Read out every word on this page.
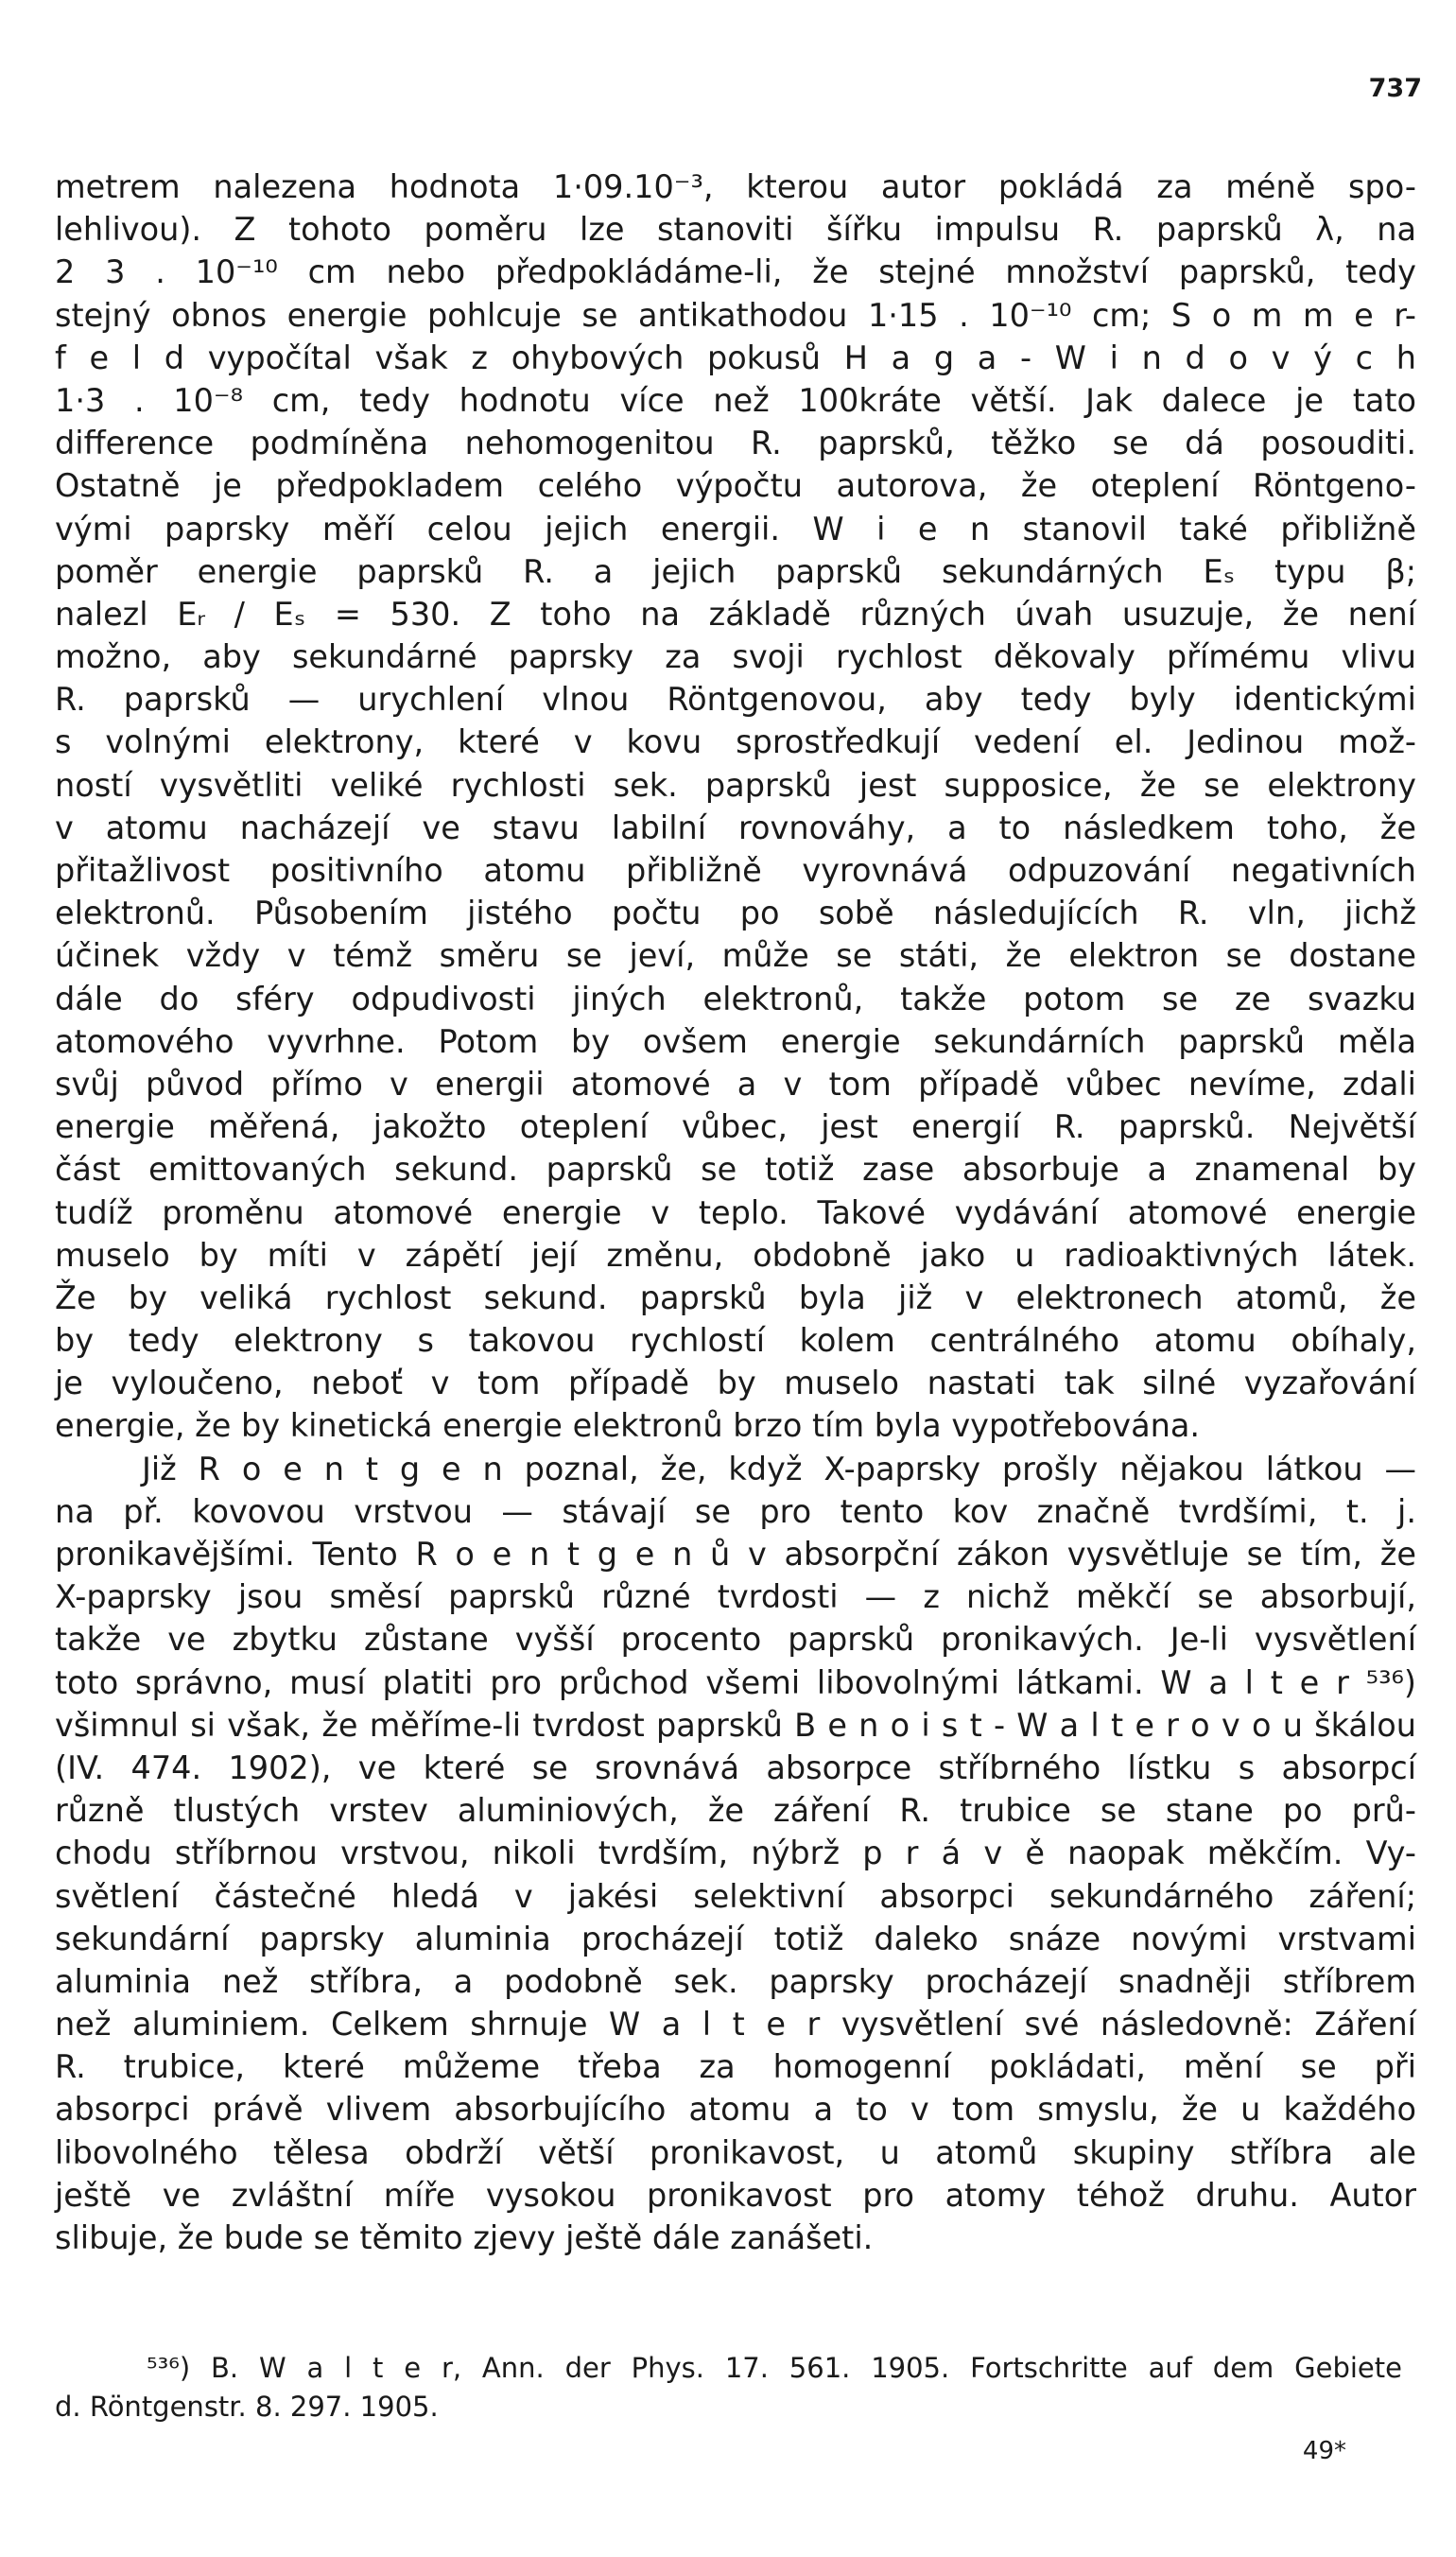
737
metrem nalezena hodnota 1·09.10⁻³, kterou autor pokládá za méně spo-
lehlivou). Z tohoto poměru lze stanoviti šířku impulsu R. paprsků λ, na
2 3 . 10⁻¹⁰ cm nebo předpokládáme-li, že stejné množství paprsků, tedy
stejný obnos energie pohlcuje se antikathodou 1·15 . 10⁻¹⁰ cm; S o m m e r-
f e l d vypočítal však z ohybových pokusů H a g a - W i n d o v ý c h
1·3 . 10⁻⁸ cm, tedy hodnotu více než 100kráte větší. Jak dalece je tato
difference podmíněna nehomogenitou R. paprsků, těžko se dá posouditi.
Ostatně je předpokladem celého výpočtu autorova, že oteplení Röntgeno-
vými paprsky měří celou jejich energii. W i e n stanovil také přibližně
poměr energie paprsků R. a jejich paprsků sekundárných Eₛ typu β;
nalezl Eᵣ / Eₛ = 530. Z toho na základě různých úvah usuzuje, že není
možno, aby sekundárné paprsky za svoji rychlost děkovaly přímému vlivu
R. paprsků — urychlení vlnou Röntgenovou, aby tedy byly identickými
s volnými elektrony, které v kovu sprostředkují vedení el. Jedinou mož-
ností vysvětliti veliké rychlosti sek. paprsků jest supposice, že se elektrony
v atomu nacházejí ve stavu labilní rovnováhy, a to následkem toho, že
přitažlivost positivního atomu přibližně vyrovnává odpuzování negativních
elektronů. Působením jistého počtu po sobě následujících R. vln, jichž
účinek vždy v témž směru se jeví, může se státi, že elektron se dostane
dále do sféry odpudivosti jiných elektronů, takže potom se ze svazku
atomového vyvrhne. Potom by ovšem energie sekundárních paprsků měla
svůj původ přímo v energii atomové a v tom případě vůbec nevíme, zdali
energie měřená, jakožto oteplení vůbec, jest energií R. paprsků. Největší
část emittovaných sekund. paprsků se totiž zase absorbuje a znamenal by
tudíž proměnu atomové energie v teplo. Takové vydávání atomové energie
muselo by míti v zápětí její změnu, obdobně jako u radioaktivných látek.
Že by veliká rychlost sekund. paprsků byla již v elektronech atomů, že
by tedy elektrony s takovou rychlostí kolem centrálného atomu obíhaly,
je vyloučeno, neboť v tom případě by muselo nastati tak silné vyzařování
energie, že by kinetická energie elektronů brzo tím byla vypotřebována.
Již R o e n t g e n poznal, že, když X-paprsky prošly nějakou látkou —
na př. kovovou vrstvou — stávají se pro tento kov značně tvrdšími, t. j.
pronikavějšími. Tento R o e n t g e n ů v absorpční zákon vysvětluje se tím, že
X-paprsky jsou směsí paprsků různé tvrdosti — z nichž měkčí se absorbují,
takže ve zbytku zůstane vyšší procento paprsků pronikavých. Je-li vysvětlení
toto správno, musí platiti pro průchod všemi libovolnými látkami. W a l t e r ⁵³⁶)
všimnul si však, že měříme-li tvrdost paprsků B e n o i s t - W a l t e r o v o u škálou
(IV. 474. 1902), ve které se srovnává absorpce stříbrného lístku s absorpcí
různě tlustých vrstev aluminiových, že záření R. trubice se stane po prů-
chodu stříbrnou vrstvou, nikoli tvrdším, nýbrž p r á v ě naopak měkčím. Vy-
světlení částečné hledá v jakési selektivní absorpci sekundárného záření;
sekundární paprsky aluminia procházejí totiž daleko snáze novými vrstvami
aluminia než stříbra, a podobně sek. paprsky procházejí snadněji stříbrem
než aluminiem. Celkem shrnuje W a l t e r vysvětlení své následovně: Záření
R. trubice, které můžeme třeba za homogenní pokládati, mění se při
absorpci právě vlivem absorbujícího atomu a to v tom smyslu, že u každého
libovolného tělesa obdrží větší pronikavost, u atomů skupiny stříbra ale
ještě ve zvláštní míře vysokou pronikavost pro atomy téhož druhu. Autor
slibuje, že bude se těmito zjevy ještě dále zanášeti.
⁵³⁶) B. W a l t e r, Ann. der Phys. 17. 561. 1905. Fortschritte auf dem Gebiete
d. Röntgenstr. 8. 297. 1905.
49*
